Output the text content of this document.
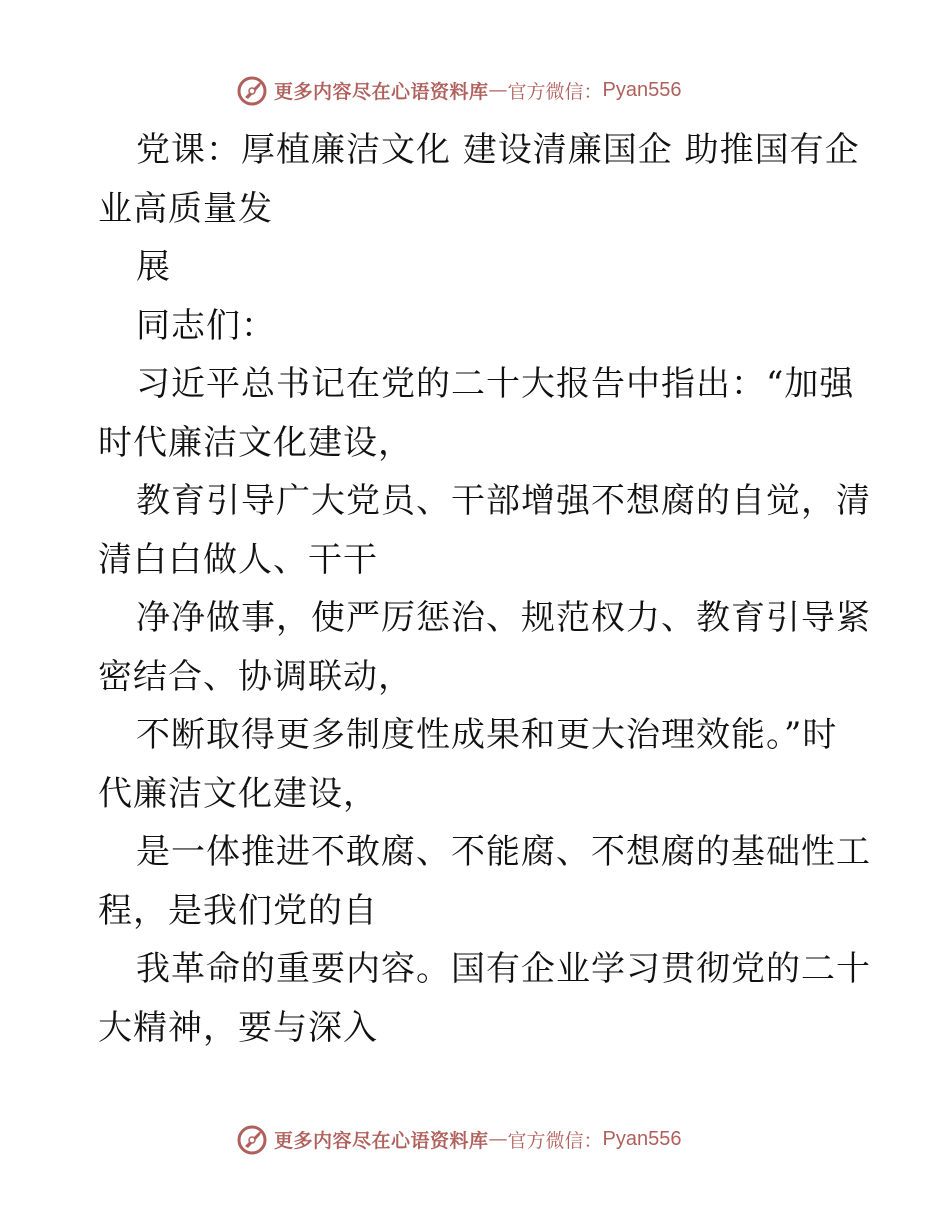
更多内容尽在心语资料库 — 官方微信： Pyan556
党课：厚植廉洁文化 建设清廉国企 助推国有企
业高质量发
展
同志们：
习近平总书记在党的二十大报告中指出：“加强
时代廉洁文化建设，
教育引导广大党员、干部增强不想腐的自觉，清
清白白做人、干干
净净做事，使严厉惩治、规范权力、教育引导紧
密结合、协调联动，
不断取得更多制度性成果和更大治理效能。”时
代廉洁文化建设，
是一体推进不敢腐、不能腐、不想腐的基础性工
程，是我们党的自
我革命的重要内容。国有企业学习贯彻党的二十
大精神，要与深入
更多内容尽在心语资料库 — 官方微信： Pyan556
